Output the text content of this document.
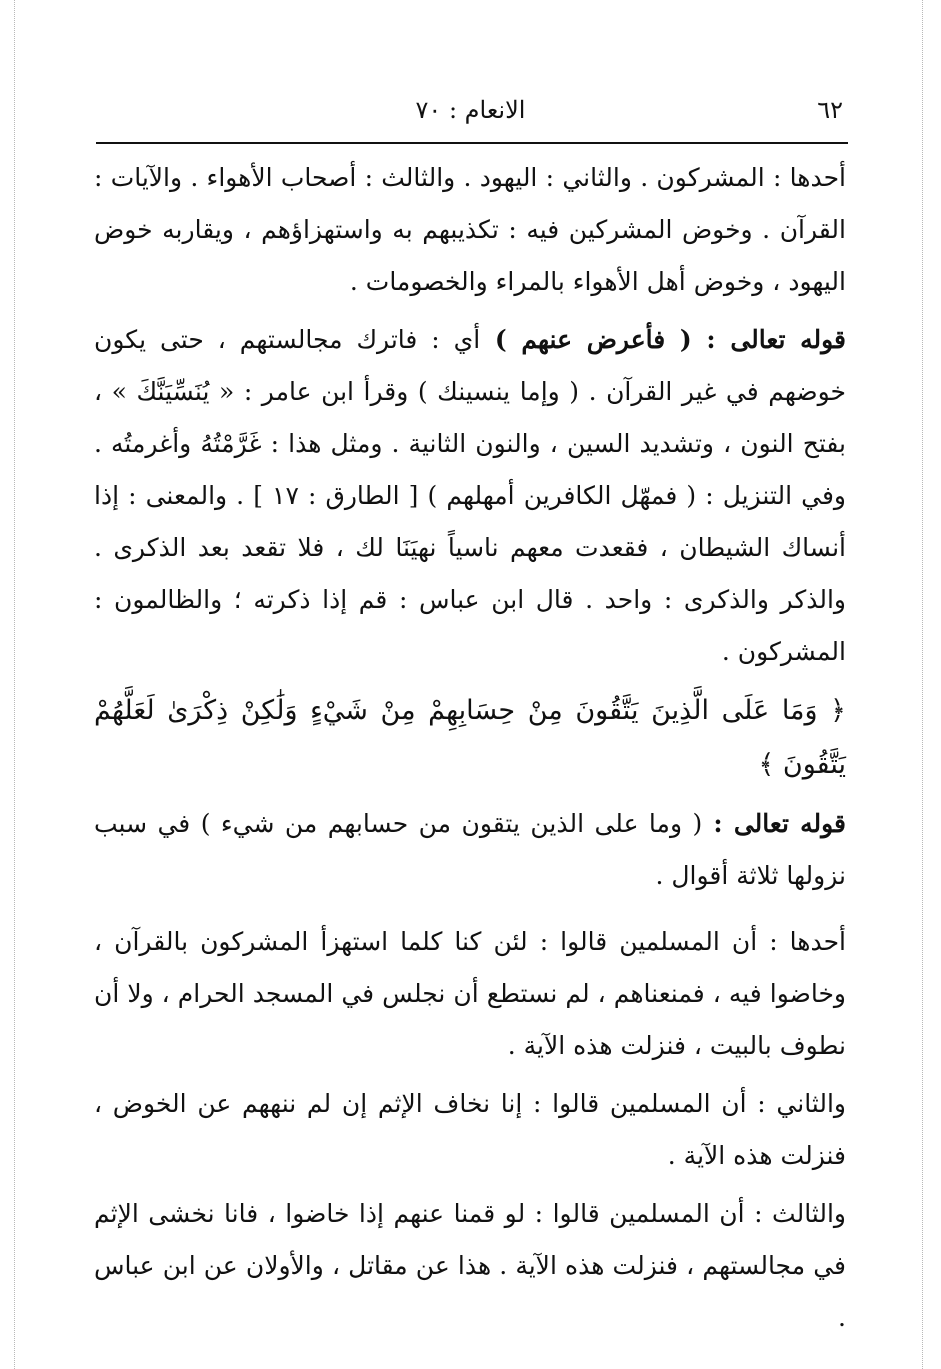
٦٢
الانعام : ٧٠

أحدها : المشركون . والثاني : اليهود . والثالث : أصحاب الأهواء . والآيات : القرآن . وخوض المشركين فيه : تكذيبهم به واستهزاؤهم ، ويقاربه خوض اليهود ، وخوض أهل الأهواء بالمراء والخصومات .

قوله تعالى : ( فأعرض عنهم ) أي : فاترك مجالستهم ، حتى يكون خوضهم في غير القرآن . ( وإما ينسينك ) وقرأ ابن عامر : « يُنَسِّيَنَّكَ » ، بفتح النون ، وتشديد السين ، والنون الثانية . ومثل هذا : غَرَّمْتُهُ وأغرمتُه . وفي التنزيل : ( فمهّل الكافرين أمهلهم ) [ الطارق : ١٧ ] . والمعنى : إذا أنساك الشيطان ، فقعدت معهم ناسياً نهيَنَا لك ، فلا تقعد بعد الذكرى . والذكر والذكرى : واحد . قال ابن عباس : قم إذا ذكرته ؛ والظالمون : المشركون .

﴿ وَمَا عَلَى الَّذِينَ يَتَّقُونَ مِنْ حِسَابِهِمْ مِنْ شَيْءٍ وَلَٰكِنْ ذِكْرَىٰ لَعَلَّهُمْ يَتَّقُونَ ﴾

قوله تعالى : ( وما على الذين يتقون من حسابهم من شيء ) في سبب نزولها ثلاثة أقوال .

أحدها : أن المسلمين قالوا : لئن كنا كلما استهزأ المشركون بالقرآن ، وخاضوا فيه ، فمنعناهم ، لم نستطع أن نجلس في المسجد الحرام ، ولا أن نطوف بالبيت ، فنزلت هذه الآية .

والثاني : أن المسلمين قالوا : إنا نخاف الإثم إن لم ننههم عن الخوض ، فنزلت هذه الآية .

والثالث : أن المسلمين قالوا : لو قمنا عنهم إذا خاضوا ، فانا نخشى الإثم في مجالستهم ، فنزلت هذه الآية . هذا عن مقاتل ، والأولان عن ابن عباس .
